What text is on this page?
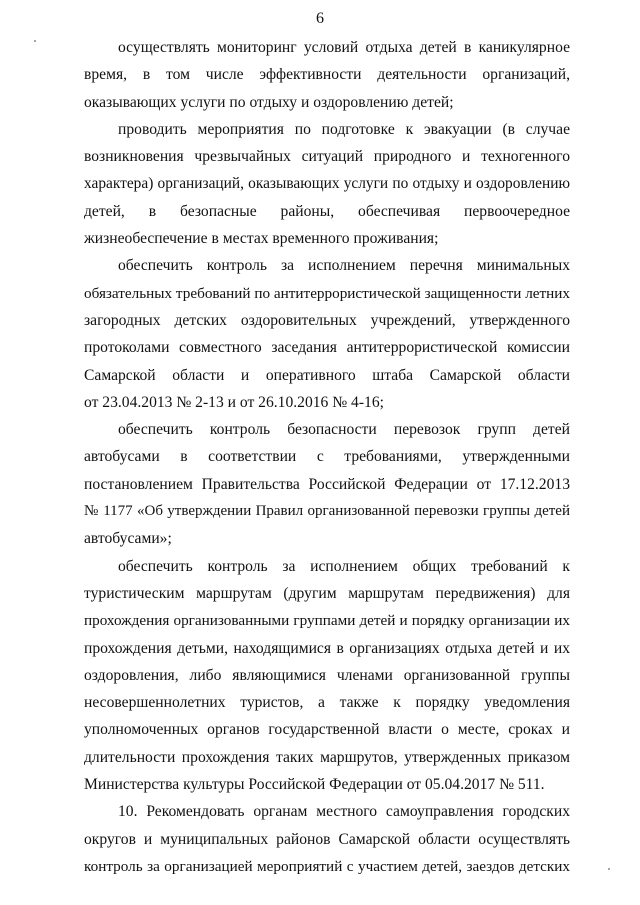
6
осуществлять мониторинг условий отдыха детей в каникулярное
время, в том числе эффективности деятельности организаций,
оказывающих услуги по отдыху и оздоровлению детей;
проводить мероприятия по подготовке к эвакуации (в случае
возникновения чрезвычайных ситуаций природного и техногенного
характера) организаций, оказывающих услуги по отдыху и оздоровлению
детей, в безопасные районы, обеспечивая первоочередное
жизнеобеспечение в местах временного проживания;
обеспечить контроль за исполнением перечня минимальных
обязательных требований по антитеррористической защищенности летних
загородных детских оздоровительных учреждений, утвержденного
протоколами совместного заседания антитеррористической комиссии
Самарской области и оперативного штаба Самарской области
от 23.04.2013 № 2-13 и от 26.10.2016 № 4-16;
обеспечить контроль безопасности перевозок групп детей
автобусами в соответствии с требованиями, утвержденными
постановлением Правительства Российской Федерации от 17.12.2013
№ 1177 «Об утверждении Правил организованной перевозки группы детей
автобусами»;
обеспечить контроль за исполнением общих требований к
туристическим маршрутам (другим маршрутам передвижения) для
прохождения организованными группами детей и порядку организации их
прохождения детьми, находящимися в организациях отдыха детей и их
оздоровления, либо являющимися членами организованной группы
несовершеннолетних туристов, а также к порядку уведомления
уполномоченных органов государственной власти о месте, сроках и
длительности прохождения таких маршрутов, утвержденных приказом
Министерства культуры Российской Федерации от 05.04.2017 № 511.
10. Рекомендовать органам местного самоуправления городских
округов и муниципальных районов Самарской области осуществлять
контроль за организацией мероприятий с участием детей, заездов детских
